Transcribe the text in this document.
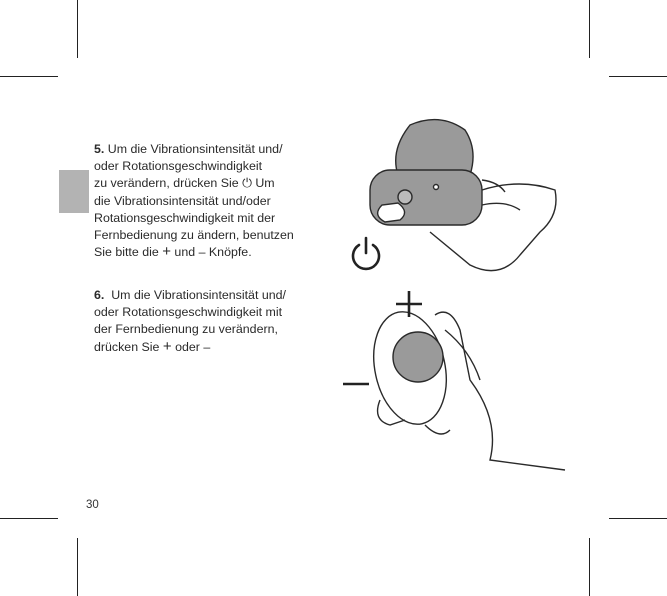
5. Um die Vibrationsintensität und/
oder Rotationsgeschwindigkeit
zu verändern, drücken Sie ⏻ Um
die Vibrationsintensität und/oder
Rotationsgeschwindigkeit mit der
Fernbedienung zu ändern, benutzen
Sie bitte die + und – Knöpfe.
6. Um die Vibrationsintensität und/
oder Rotationsgeschwindigkeit mit
der Fernbedienung zu verändern,
drücken Sie + oder –
30
